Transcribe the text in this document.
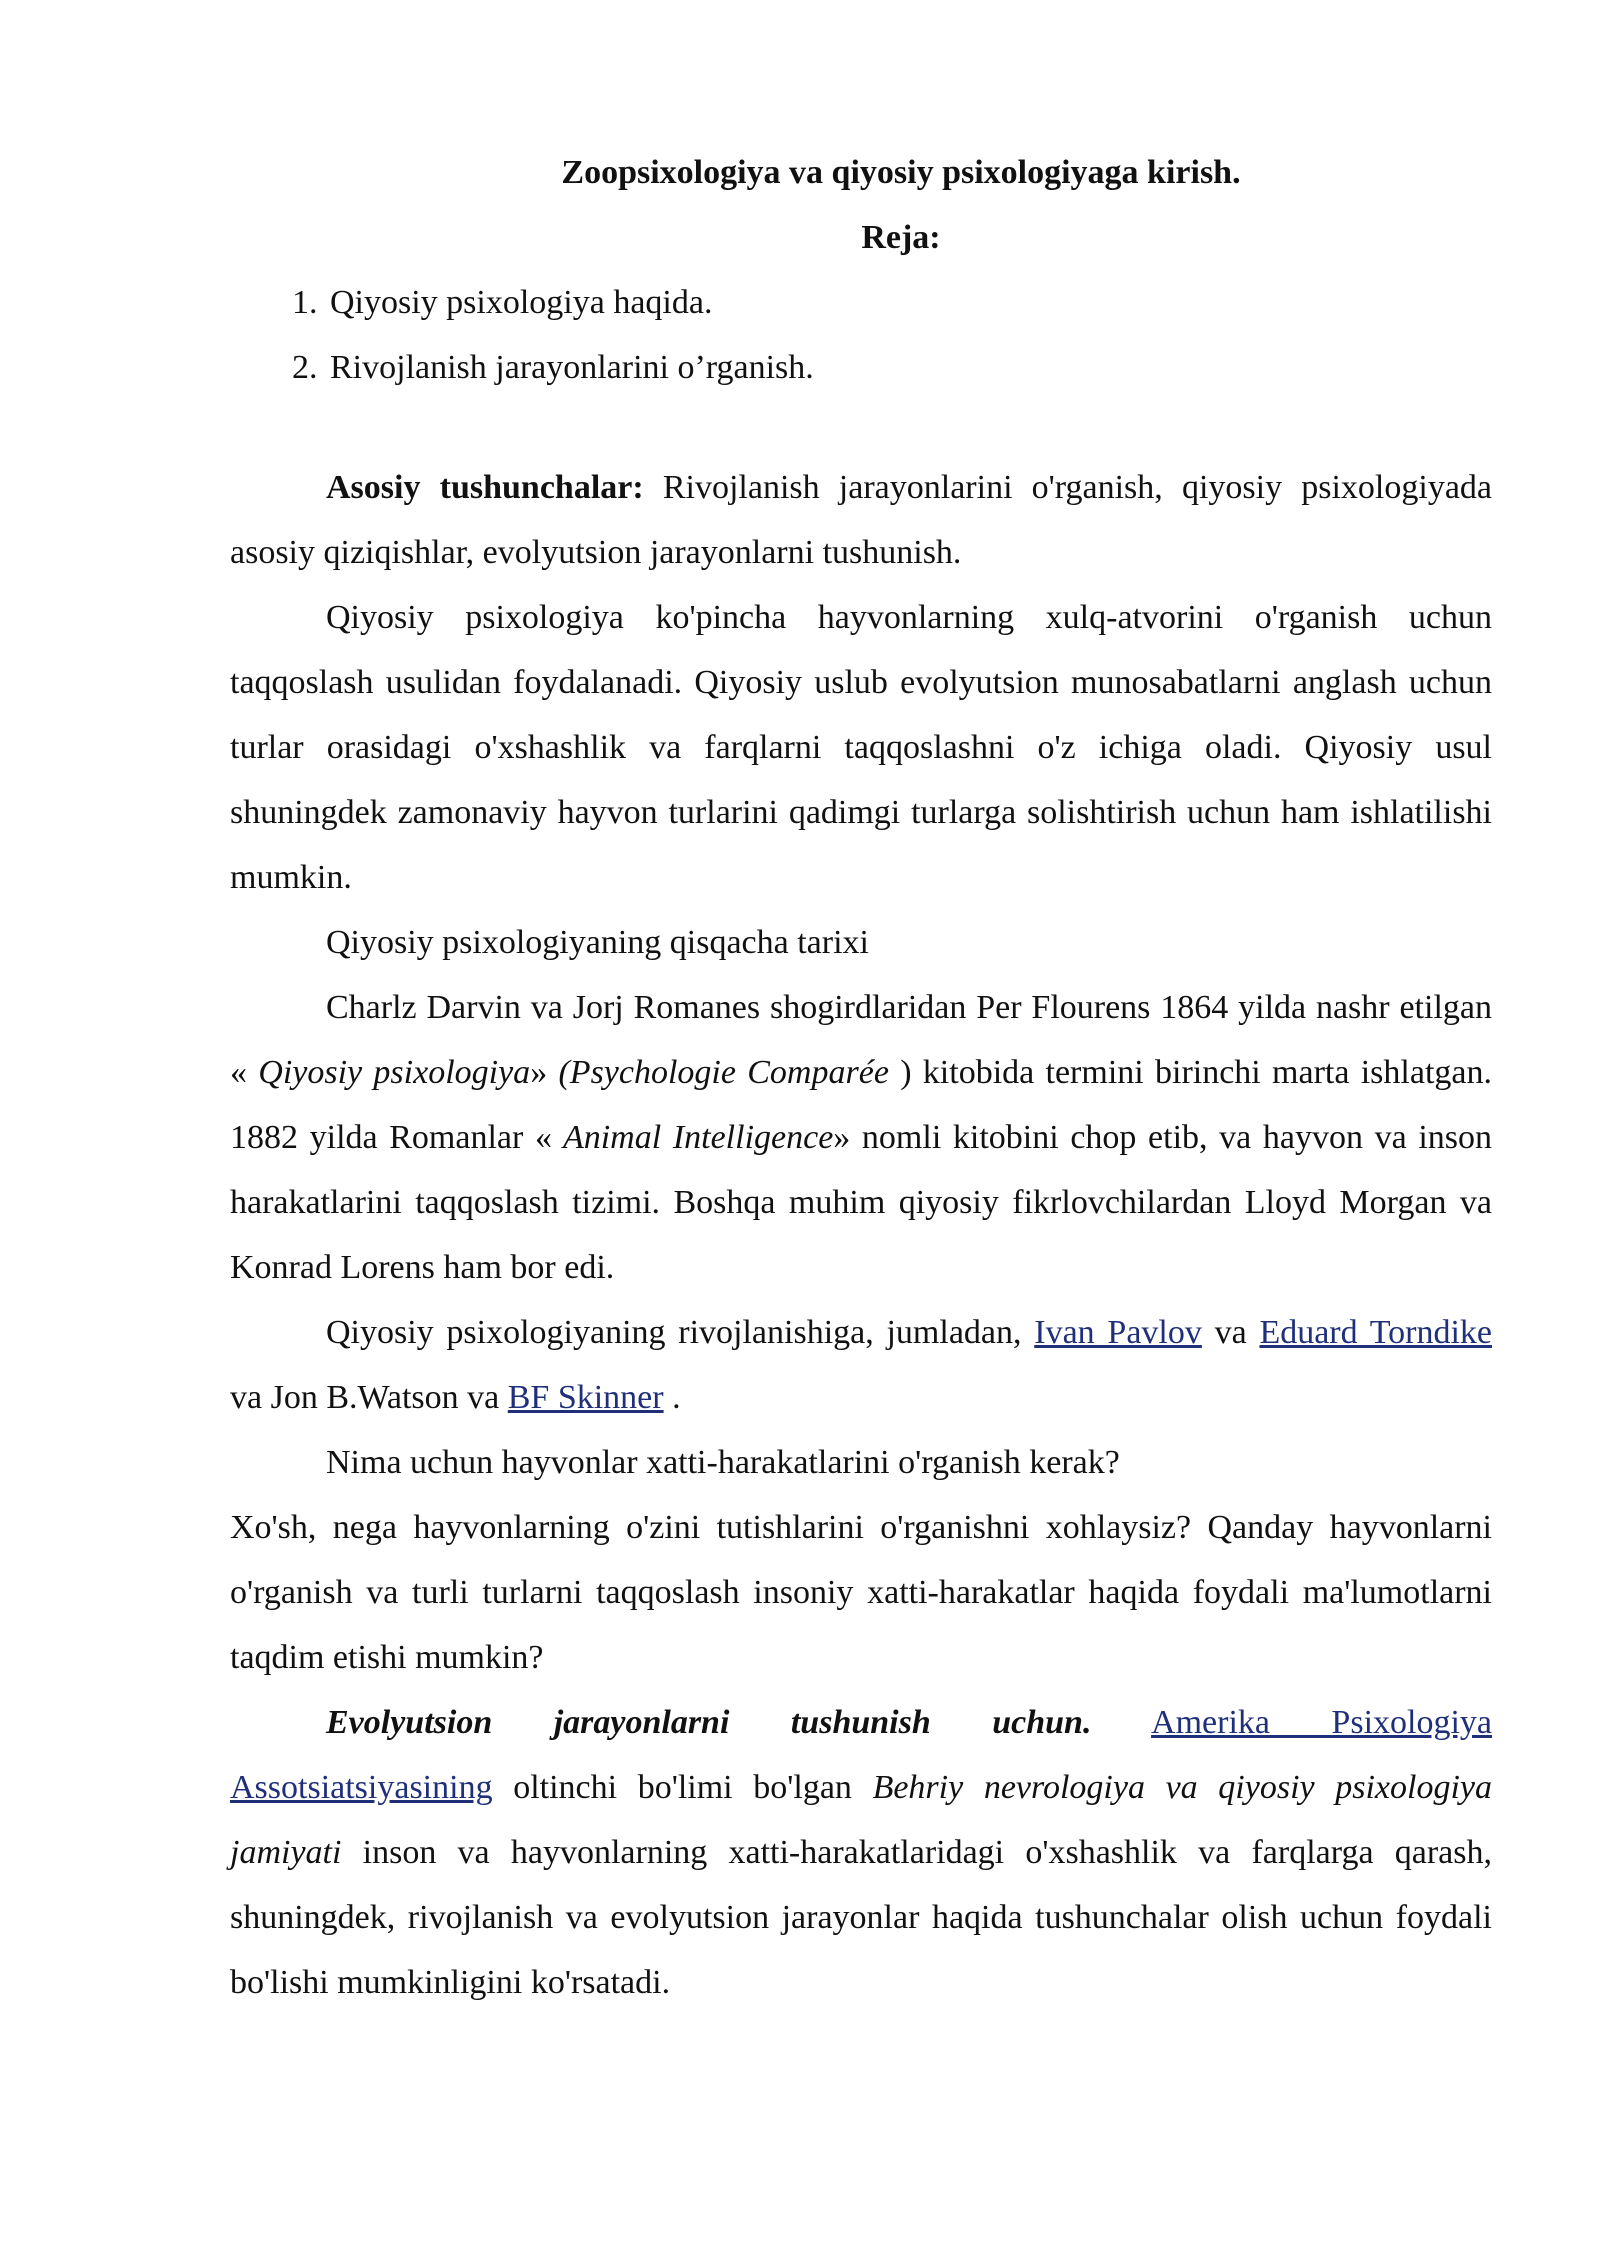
Zoopsixologiya va qiyosiy psixologiyaga kirish.
Reja:
1. Qiyosiy psixologiya haqida.
2. Rivojlanish jarayonlarini o’rganish.

Asosiy tushunchalar: Rivojlanish jarayonlarini o'rganish, qiyosiy psixologiyada asosiy qiziqishlar, evolyutsion jarayonlarni tushunish.

Qiyosiy psixologiya ko'pincha hayvonlarning xulq-atvorini o'rganish uchun taqqoslash usulidan foydalanadi. Qiyosiy uslub evolyutsion munosabatlarni anglash uchun turlar orasidagi o'xshashlik va farqlarni taqqoslashni o'z ichiga oladi. Qiyosiy usul shuningdek zamonaviy hayvon turlarini qadimgi turlarga solishtirish uchun ham ishlatilishi mumkin.

Qiyosiy psixologiyaning qisqacha tarixi

Charlz Darvin va Jorj Romanes shogirdlaridan Per Flourens 1864 yilda nashr etilgan « Qiyosiy psixologiya» (Psychologie Comparée ) kitobida termini birinchi marta ishlatgan. 1882 yilda Romanlar « Animal Intelligence» nomli kitobini chop etib, va hayvon va inson harakatlarini taqqoslash tizimi. Boshqa muhim qiyosiy fikrlovchilardan Lloyd Morgan va Konrad Lorens ham bor edi.

Qiyosiy psixologiyaning rivojlanishiga, jumladan, Ivan Pavlov va Eduard Torndike va Jon B.Watson va BF Skinner .

Nima uchun hayvonlar xatti-harakatlarini o'rganish kerak?

Xo'sh, nega hayvonlarning o'zini tutishlarini o'rganishni xohlaysiz? Qanday hayvonlarni o'rganish va turli turlarni taqqoslash insoniy xatti-harakatlar haqida foydali ma'lumotlarni taqdim etishi mumkin?

Evolyutsion jarayonlarni tushunish uchun. Amerika Psixologiya Assotsiatsiyasining oltinchi bo'limi bo'lgan Behriy nevrologiya va qiyosiy psixologiya jamiyati inson va hayvonlarning xatti-harakatlaridagi o'xshashlik va farqlarga qarash, shuningdek, rivojlanish va evolyutsion jarayonlar haqida tushunchalar olish uchun foydali bo'lishi mumkinligini ko'rsatadi.
